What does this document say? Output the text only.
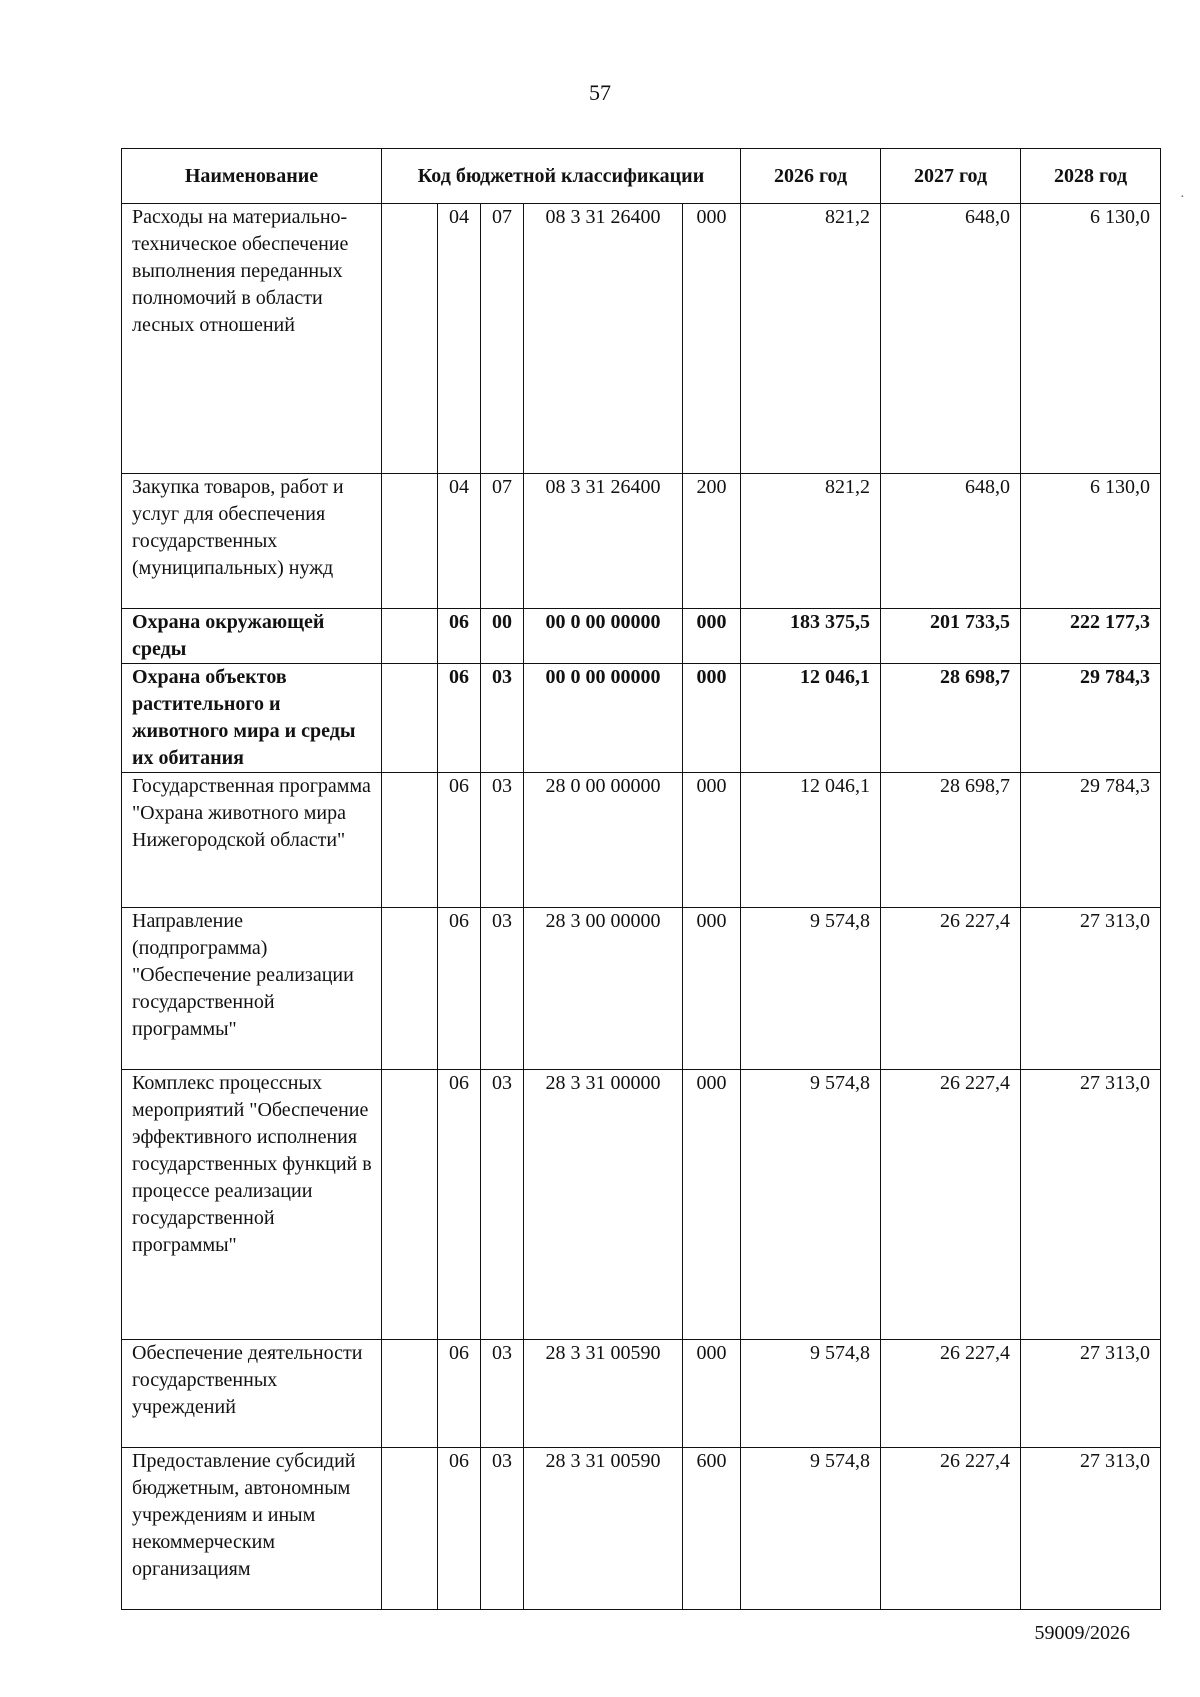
57
Наименование	Код бюджетной классификации					2026 год	2027 год	2028 год
Расходы на материально-техническое обеспечение выполнения переданных полномочий в области лесных отношений		04	07	08 3 31 26400	000	821,2	648,0	6 130,0
Закупка товаров, работ и услуг для обеспечения государственных (муниципальных) нужд		04	07	08 3 31 26400	200	821,2	648,0	6 130,0
Охрана окружающей среды		06	00	00 0 00 00000	000	183 375,5	201 733,5	222 177,3
Охрана объектов растительного и животного мира и среды их обитания		06	03	00 0 00 00000	000	12 046,1	28 698,7	29 784,3
Государственная программа "Охрана животного мира Нижегородской области"		06	03	28 0 00 00000	000	12 046,1	28 698,7	29 784,3
Направление (подпрограмма) "Обеспечение реализации государственной программы"		06	03	28 3 00 00000	000	9 574,8	26 227,4	27 313,0
Комплекс процессных мероприятий "Обеспечение эффективного исполнения государственных функций в процессе реализации государственной программы"		06	03	28 3 31 00000	000	9 574,8	26 227,4	27 313,0
Обеспечение деятельности государственных учреждений		06	03	28 3 31 00590	000	9 574,8	26 227,4	27 313,0
Предоставление субсидий бюджетным, автономным учреждениям и иным некоммерческим организациям		06	03	28 3 31 00590	600	9 574,8	26 227,4	27 313,0
59009/2026
·
